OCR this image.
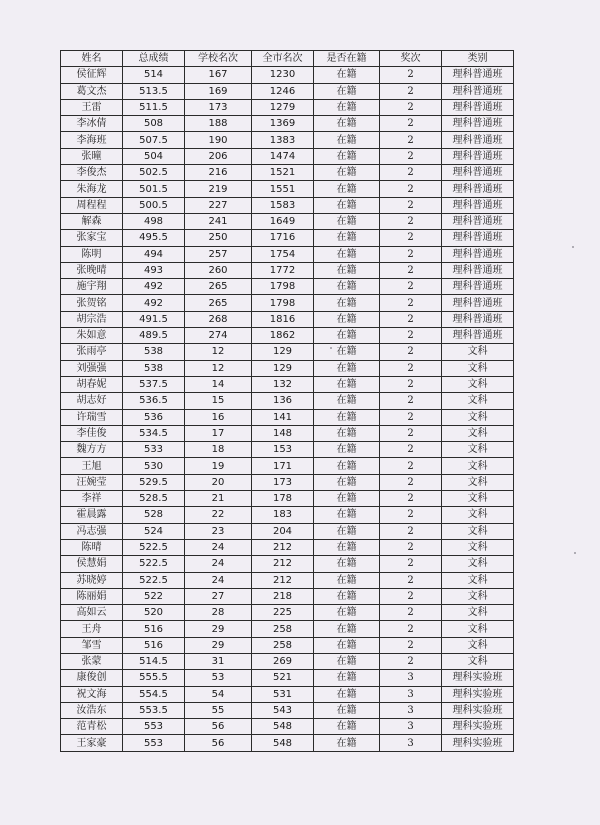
姓名	总成绩	学校名次	全市名次	是否在籍	奖次	类别
侯征辉	514	167	1230	在籍	2	理科普通班
葛文杰	513.5	169	1246	在籍	2	理科普通班
王雷	511.5	173	1279	在籍	2	理科普通班
李冰倩	508	188	1369	在籍	2	理科普通班
李海班	507.5	190	1383	在籍	2	理科普通班
张曈	504	206	1474	在籍	2	理科普通班
李俊杰	502.5	216	1521	在籍	2	理科普通班
朱海龙	501.5	219	1551	在籍	2	理科普通班
周程程	500.5	227	1583	在籍	2	理科普通班
解森	498	241	1649	在籍	2	理科普通班
张家宝	495.5	250	1716	在籍	2	理科普通班
陈明	494	257	1754	在籍	2	理科普通班
张晚晴	493	260	1772	在籍	2	理科普通班
施宇翔	492	265	1798	在籍	2	理科普通班
张贺铭	492	265	1798	在籍	2	理科普通班
胡宗浩	491.5	268	1816	在籍	2	理科普通班
朱如意	489.5	274	1862	在籍	2	理科普通班
张雨亭	538	12	129	在籍	2	文科
刘强强	538	12	129	在籍	2	文科
胡春妮	537.5	14	132	在籍	2	文科
胡志好	536.5	15	136	在籍	2	文科
许瑞雪	536	16	141	在籍	2	文科
李佳俊	534.5	17	148	在籍	2	文科
魏方方	533	18	153	在籍	2	文科
王旭	530	19	171	在籍	2	文科
汪婉莹	529.5	20	173	在籍	2	文科
李祥	528.5	21	178	在籍	2	文科
霍晨露	528	22	183	在籍	2	文科
冯志强	524	23	204	在籍	2	文科
陈晴	522.5	24	212	在籍	2	文科
侯慧娟	522.5	24	212	在籍	2	文科
苏晓婷	522.5	24	212	在籍	2	文科
陈丽娟	522	27	218	在籍	2	文科
高如云	520	28	225	在籍	2	文科
王舟	516	29	258	在籍	2	文科
邹雪	516	29	258	在籍	2	文科
张蒙	514.5	31	269	在籍	2	文科
康俊创	555.5	53	521	在籍	3	理科实验班
祝文海	554.5	54	531	在籍	3	理科实验班
汝浩东	553.5	55	543	在籍	3	理科实验班
范青松	553	56	548	在籍	3	理科实验班
王家豪	553	56	548	在籍	3	理科实验班
